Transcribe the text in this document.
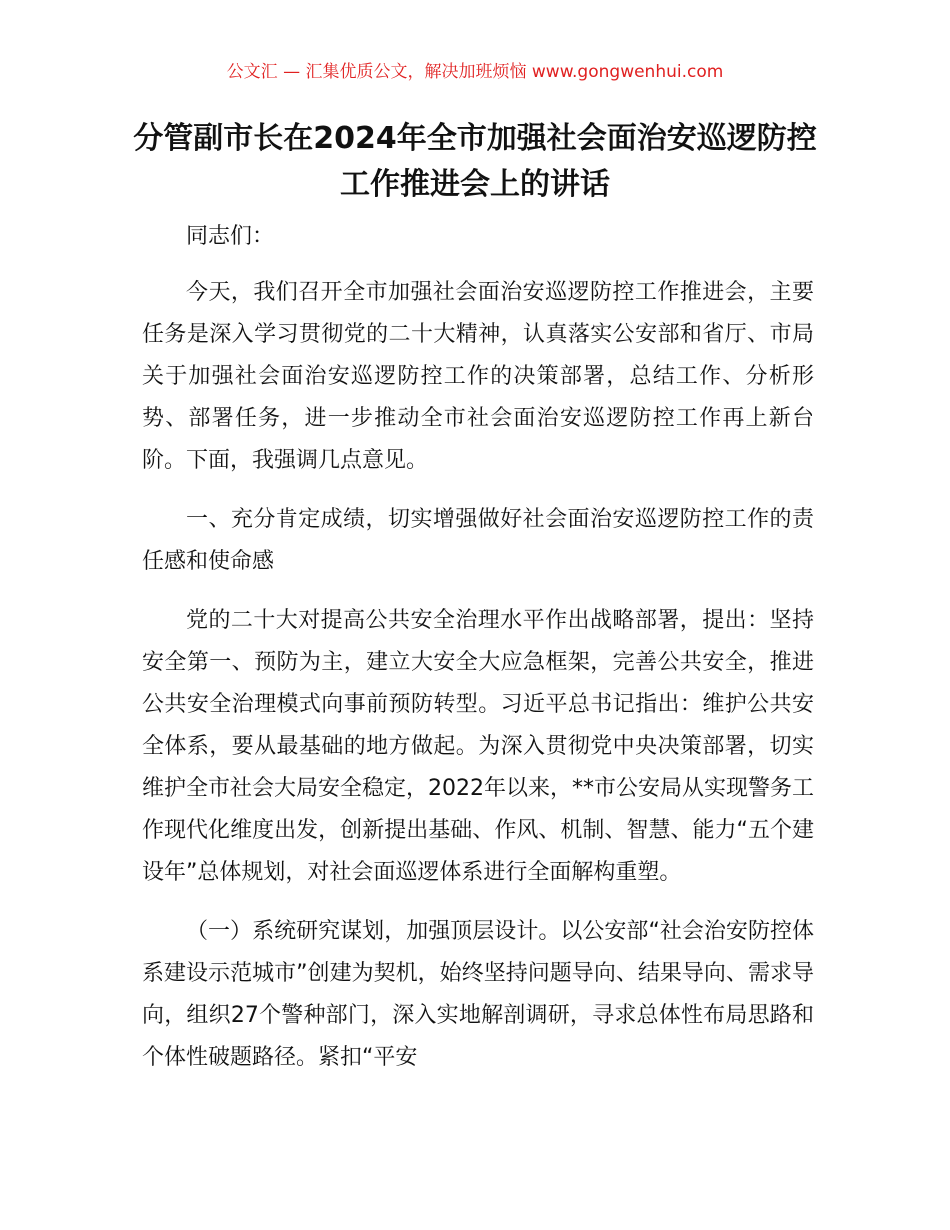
公文汇 — 汇集优质公文，解决加班烦恼 www.gongwenhui.com
分管副市长在2024年全市加强社会面治安巡逻防控工作推进会上的讲话

同志们：

今天，我们召开全市加强社会面治安巡逻防控工作推进会，主要任务是深入学习贯彻党的二十大精神，认真落实公安部和省厅、市局关于加强社会面治安巡逻防控工作的决策部署，总结工作、分析形势、部署任务，进一步推动全市社会面治安巡逻防控工作再上新台阶。下面，我强调几点意见。

一、充分肯定成绩，切实增强做好社会面治安巡逻防控工作的责任感和使命感

党的二十大对提高公共安全治理水平作出战略部署，提出：坚持安全第一、预防为主，建立大安全大应急框架，完善公共安全，推进公共安全治理模式向事前预防转型。习近平总书记指出：维护公共安全体系，要从最基础的地方做起。为深入贯彻党中央决策部署，切实维护全市社会大局安全稳定，2022年以来，**市公安局从实现警务工作现代化维度出发，创新提出基础、作风、机制、智慧、能力“五个建设年”总体规划，对社会面巡逻体系进行全面解构重塑。

（一）系统研究谋划，加强顶层设计。以公安部“社会治安防控体系建设示范城市”创建为契机，始终坚持问题导向、结果导向、需求导向，组织27个警种部门，深入实地解剖调研，寻求总体性布局思路和个体性破题路径。紧扣“平安
